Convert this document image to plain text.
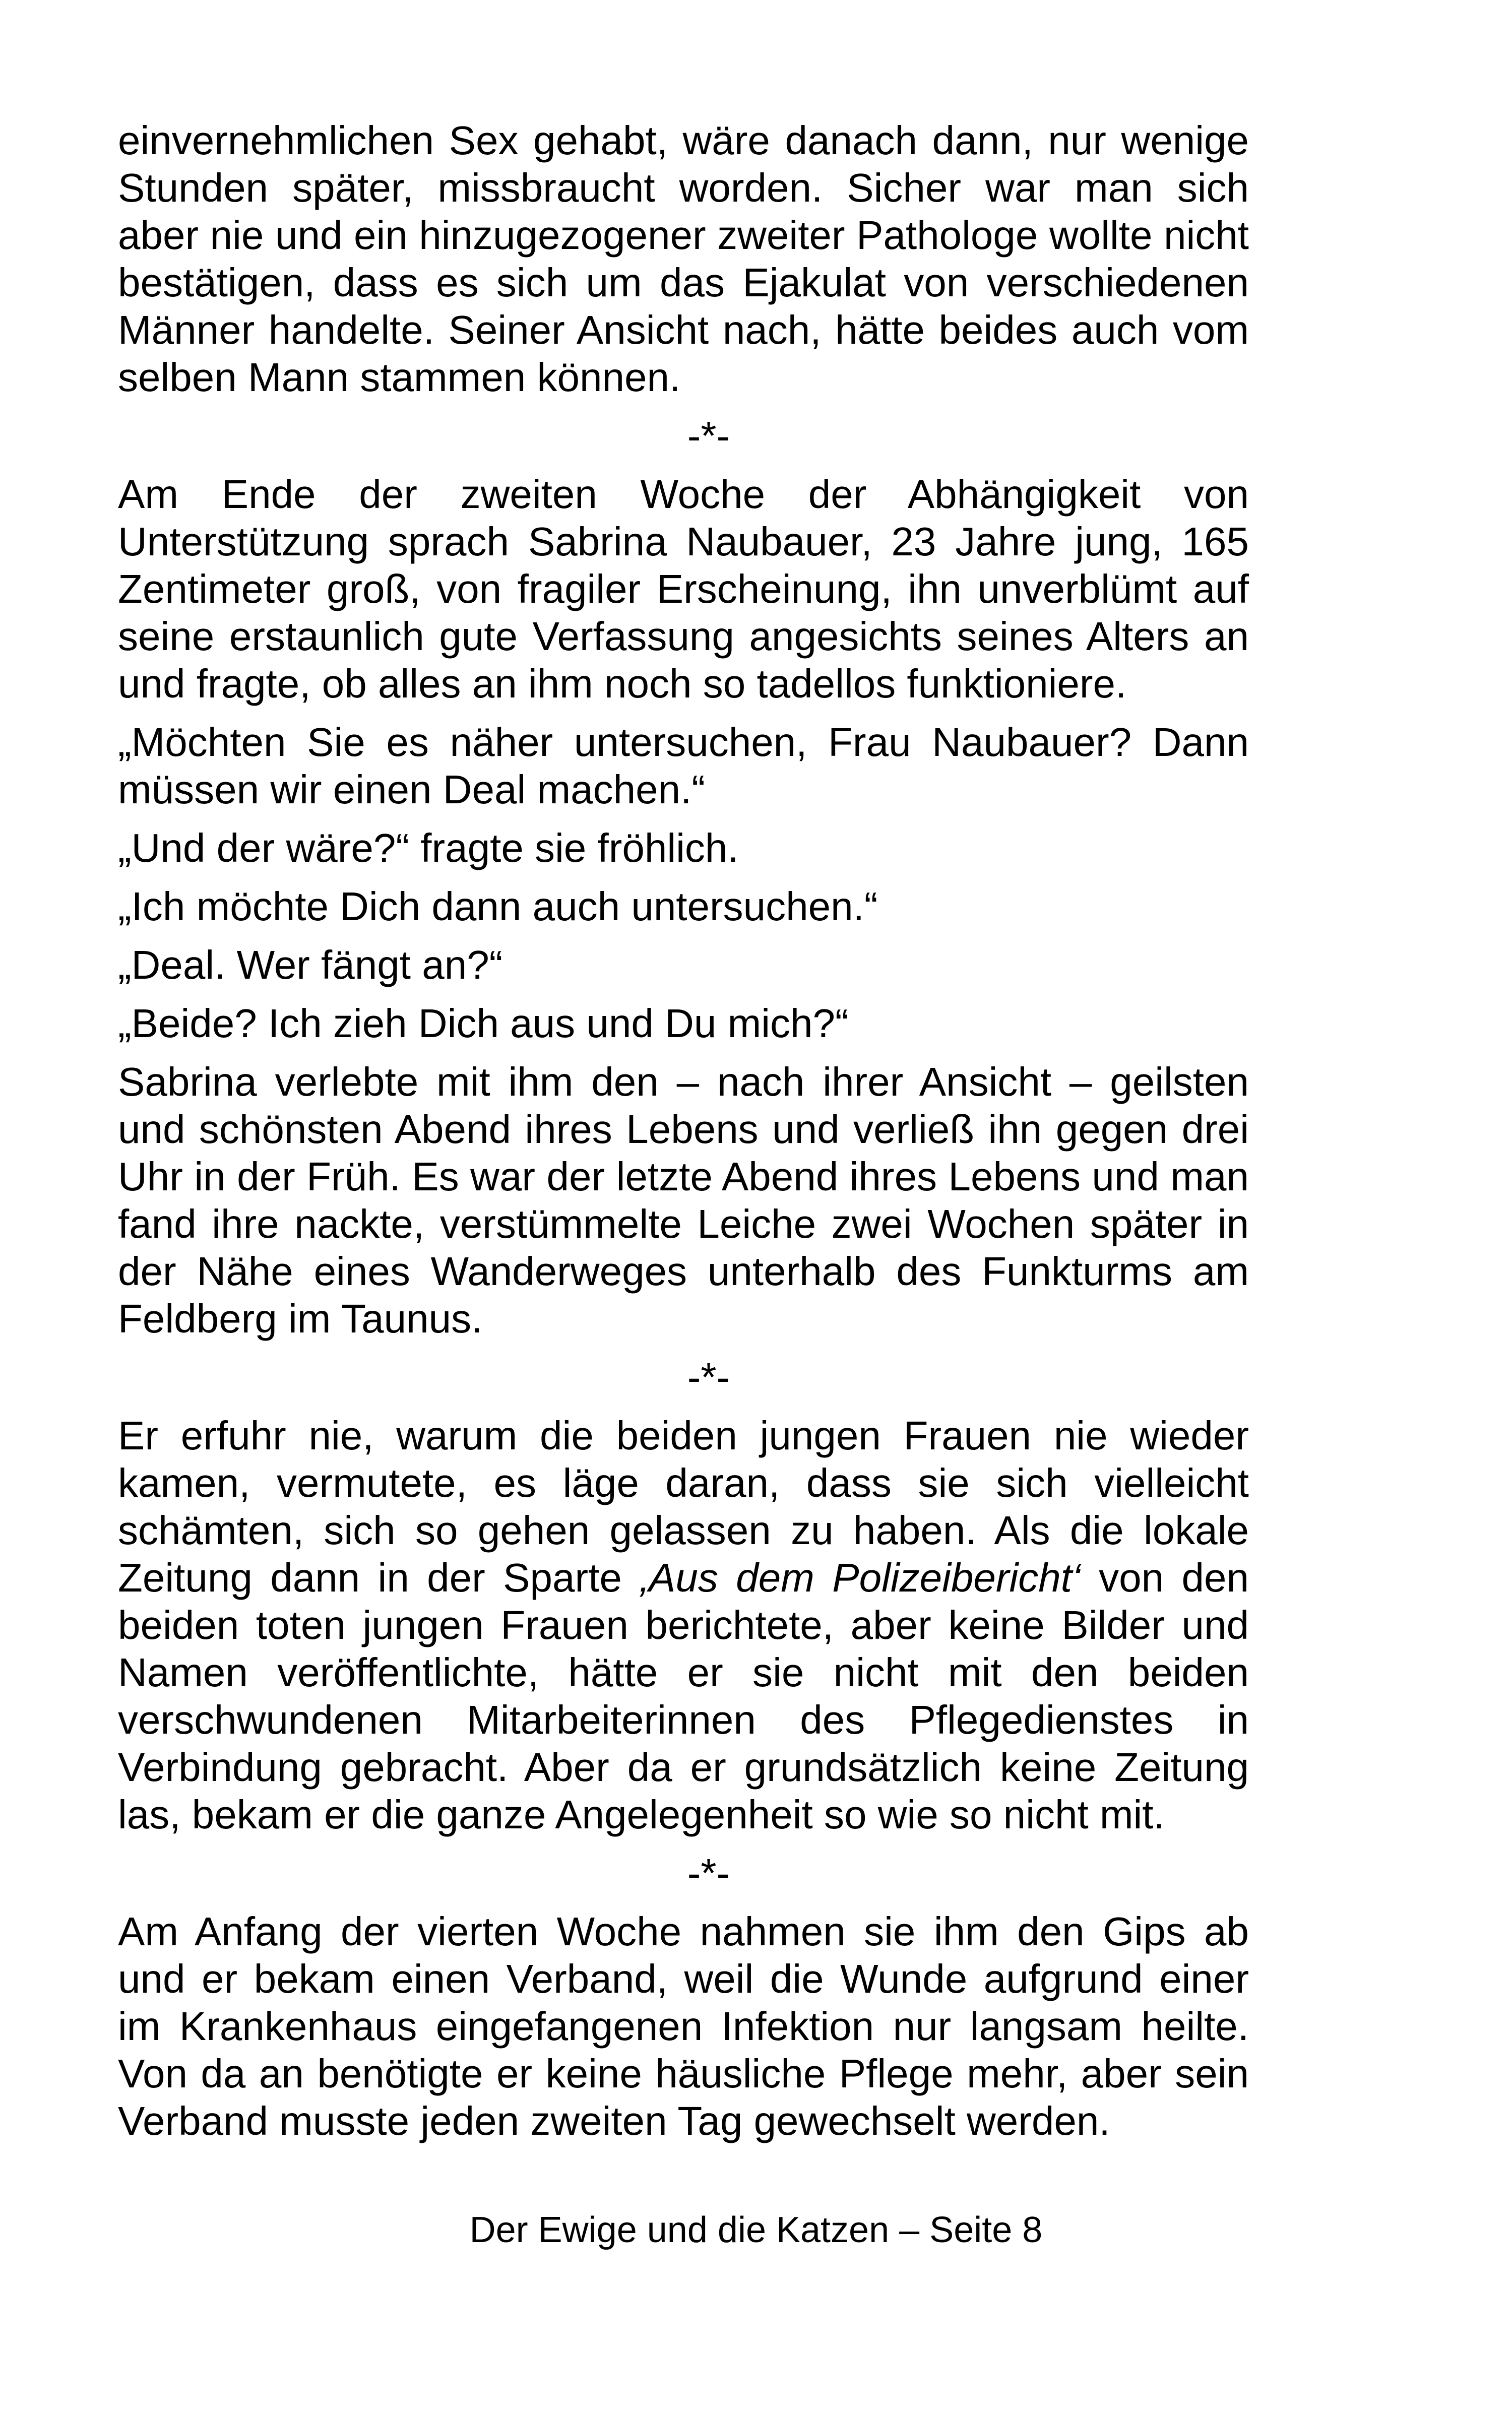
einvernehmlichen Sex gehabt, wäre danach dann, nur wenige Stunden später, missbraucht worden. Sicher war man sich aber nie und ein hinzugezogener zweiter Pathologe wollte nicht bestätigen, dass es sich um das Ejakulat von verschiedenen Männer handelte. Seiner Ansicht nach, hätte beides auch vom selben Mann stammen können.

-*-

Am Ende der zweiten Woche der Abhängigkeit von Unterstützung sprach Sabrina Naubauer, 23 Jahre jung, 165 Zentimeter groß, von fragiler Erscheinung, ihn unverblümt auf seine erstaunlich gute Verfassung angesichts seines Alters an und fragte, ob alles an ihm noch so tadellos funktioniere.

„Möchten Sie es näher untersuchen, Frau Naubauer? Dann müssen wir einen Deal machen.“

„Und der wäre?“ fragte sie fröhlich.

„Ich möchte Dich dann auch untersuchen.“

„Deal. Wer fängt an?“

„Beide? Ich zieh Dich aus und Du mich?“

Sabrina verlebte mit ihm den – nach ihrer Ansicht – geilsten und schönsten Abend ihres Lebens und verließ ihn gegen drei Uhr in der Früh. Es war der letzte Abend ihres Lebens und man fand ihre nackte, verstümmelte Leiche zwei Wochen später in der Nähe eines Wanderweges unterhalb des Funkturms am Feldberg im Taunus.

-*-

Er erfuhr nie, warum die beiden jungen Frauen nie wieder kamen, vermutete, es läge daran, dass sie sich vielleicht schämten, sich so gehen gelassen zu haben. Als die lokale Zeitung dann in der Sparte ‚Aus dem Polizeibericht‘ von den beiden toten jungen Frauen berichtete, aber keine Bilder und Namen veröffentlichte, hätte er sie nicht mit den beiden verschwundenen Mitarbeiterinnen des Pflegedienstes in Verbindung gebracht. Aber da er grundsätzlich keine Zeitung las, bekam er die ganze Angelegenheit so wie so nicht mit.

-*-

Am Anfang der vierten Woche nahmen sie ihm den Gips ab und er bekam einen Verband, weil die Wunde aufgrund einer im Krankenhaus eingefangenen Infektion nur langsam heilte. Von da an benötigte er keine häusliche Pflege mehr, aber sein Verband musste jeden zweiten Tag gewechselt werden.

Der Ewige und die Katzen – Seite 8
